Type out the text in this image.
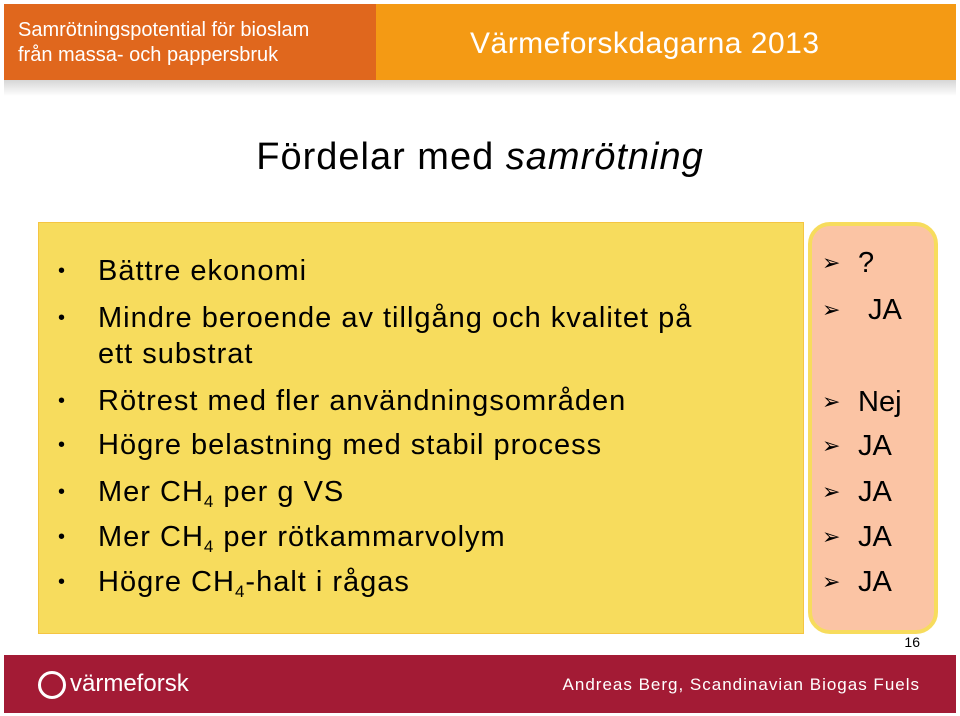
Samrötningspotential för bioslam
från massa- och pappersbruk	Värmeforskdagarna 2013
Fördelar med samrötning
• Bättre ekonomi
• Mindre beroende av tillgång och kvalitet på
ett substrat
• Rötrest med fler användningsområden
• Högre belastning med stabil process
• Mer $CH_4$ per g VS
• Mer $CH_4$ per rötkammarvolym
• Högre $CH_4$-halt i rågas
➢ ?
➢ JA
➢ Nej
➢ JA
➢ JA
➢ JA
➢ JA
16
värmeforsk	Andreas Berg, Scandinavian Biogas Fuels
